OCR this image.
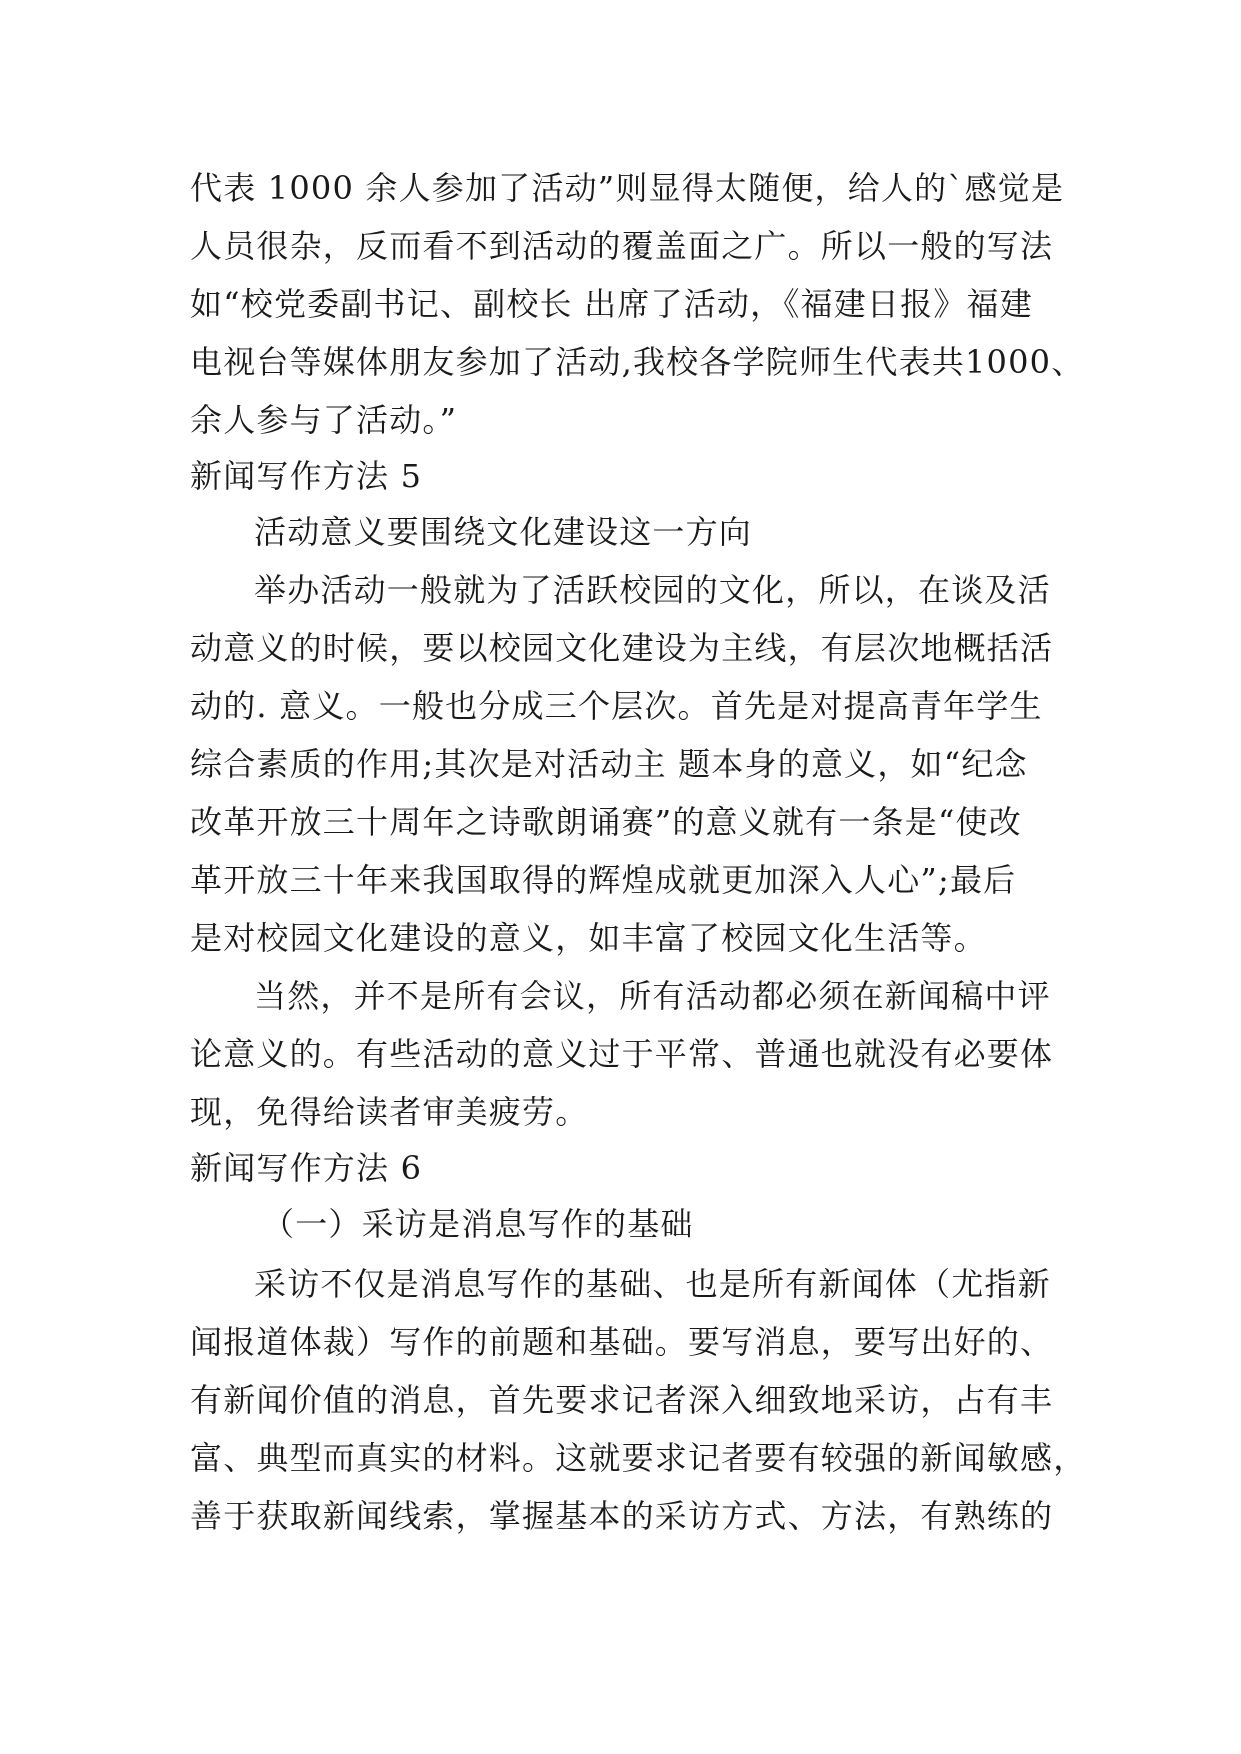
代表 1000 余人参加了活动”则显得太随便，给人的`感觉是
人员很杂，反而看不到活动的覆盖面之广。所以一般的写法
如“校党委副书记、副校长 出席了活动，《福建日报》福建
电视台等媒体朋友参加了活动,我校各学院师生代表共1000、
余人参与了活动。”
新闻写作方法 5
活动意义要围绕文化建设这一方向
举办活动一般就为了活跃校园的文化，所以，在谈及活
动意义的时候，要以校园文化建设为主线，有层次地概括活
动的. 意义。一般也分成三个层次。首先是对提高青年学生
综合素质的作用;其次是对活动主 题本身的意义，如“纪念
改革开放三十周年之诗歌朗诵赛”的意义就有一条是“使改
革开放三十年来我国取得的辉煌成就更加深入人心”;最后
是对校园文化建设的意义，如丰富了校园文化生活等。
当然，并不是所有会议，所有活动都必须在新闻稿中评
论意义的。有些活动的意义过于平常、普通也就没有必要体
现，免得给读者审美疲劳。
新闻写作方法 6
（一）采访是消息写作的基础
采访不仅是消息写作的基础、也是所有新闻体（尤指新
闻报道体裁）写作的前题和基础。要写消息，要写出好的、
有新闻价值的消息，首先要求记者深入细致地采访，占有丰
富、典型而真实的材料。这就要求记者要有较强的新闻敏感，
善于获取新闻线索，掌握基本的采访方式、方法，有熟练的
